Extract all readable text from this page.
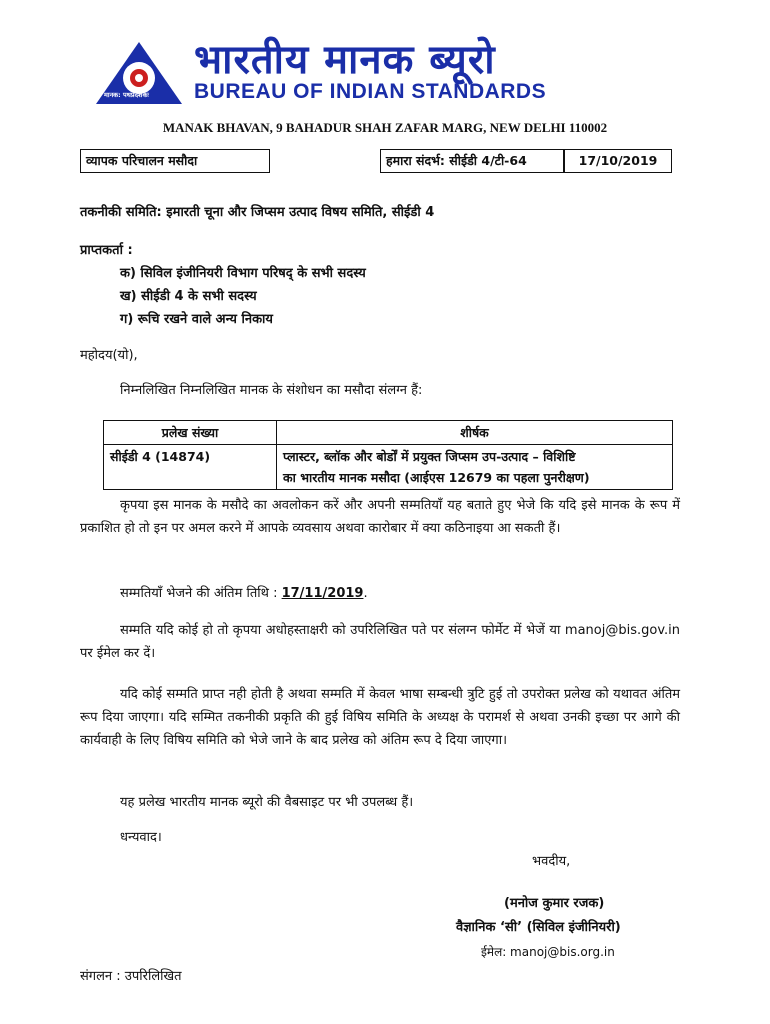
मानक: पथप्रदर्शकः
भारतीय मानक ब्यूरो
BUREAU OF INDIAN STANDARDS
MANAK BHAVAN, 9 BAHADUR SHAH ZAFAR MARG, NEW DELHI 110002
व्यापक परिचालन मसौदा	हमारा संदर्भ: सीईडी 4/टी-64	17/10/2019
तकनीकी समिति: इमारती चूना और जिप्सम उत्पाद विषय समिति, सीईडी 4
प्राप्तकर्ता :
क) सिविल इंजीनियरी विभाग परिषद् के सभी सदस्य
ख) सीईडी 4 के सभी सदस्य
ग) रूचि रखने वाले अन्य निकाय
महोदय(यो),
निम्नलिखित निम्नलिखित मानक के संशोधन का मसौदा संलग्न हैं:
प्रलेख संख्या	शीर्षक
सीईडी 4 (14874)	प्लास्टर, ब्लॉक और बोर्डों में प्रयुक्त जिप्सम उप-उत्पाद – विशिष्टि
का भारतीय मानक मसौदा (आईएस 12679 का पहला पुनरीक्षण)
कृपया इस मानक के मसौदे का अवलोकन करें और अपनी सम्मतियॉं यह बताते हुए भेजे कि यदि इसे मानक के रूप में प्रकाशित हो तो इन पर अमल करने में आपके व्यवसाय अथवा कारोबार में क्या कठिनाइया आ सकती हैं।
सम्मतियॉं भेजने की अंतिम तिथि : 17/11/2019.
सम्मति यदि कोई हो तो कृपया अधोहस्ताक्षरी को उपरिलिखित पते पर संलग्न फोर्मेट में भेजें या manoj@bis.gov.in पर ईमेल कर दें।
यदि कोई सम्मति प्राप्त नही होती है अथवा सम्मति में केवल भाषा सम्बन्धी त्रुटि हुई तो उपरोक्त प्रलेख को यथावत अंतिम रूप दिया जाएगा। यदि सम्मित तकनीकी प्रकृति की हुई विषिय समिति के अध्यक्ष के परामर्श से अथवा उनकी इच्छा पर आगे की कार्यवाही के लिए विषिय समिति को भेजे जाने के बाद प्रलेख को अंतिम रूप दे दिया जाएगा।
यह प्रलेख भारतीय मानक ब्यूरो की वैबसाइट पर भी उपलब्ध हैं।
धन्यवाद।
भवदीय,
(मनोज कुमार रजक)
वैज्ञानिक ‘सी’ (सिविल इंजीनियरी)
ईमेल: manoj@bis.org.in
संगलन : उपरिलिखित
